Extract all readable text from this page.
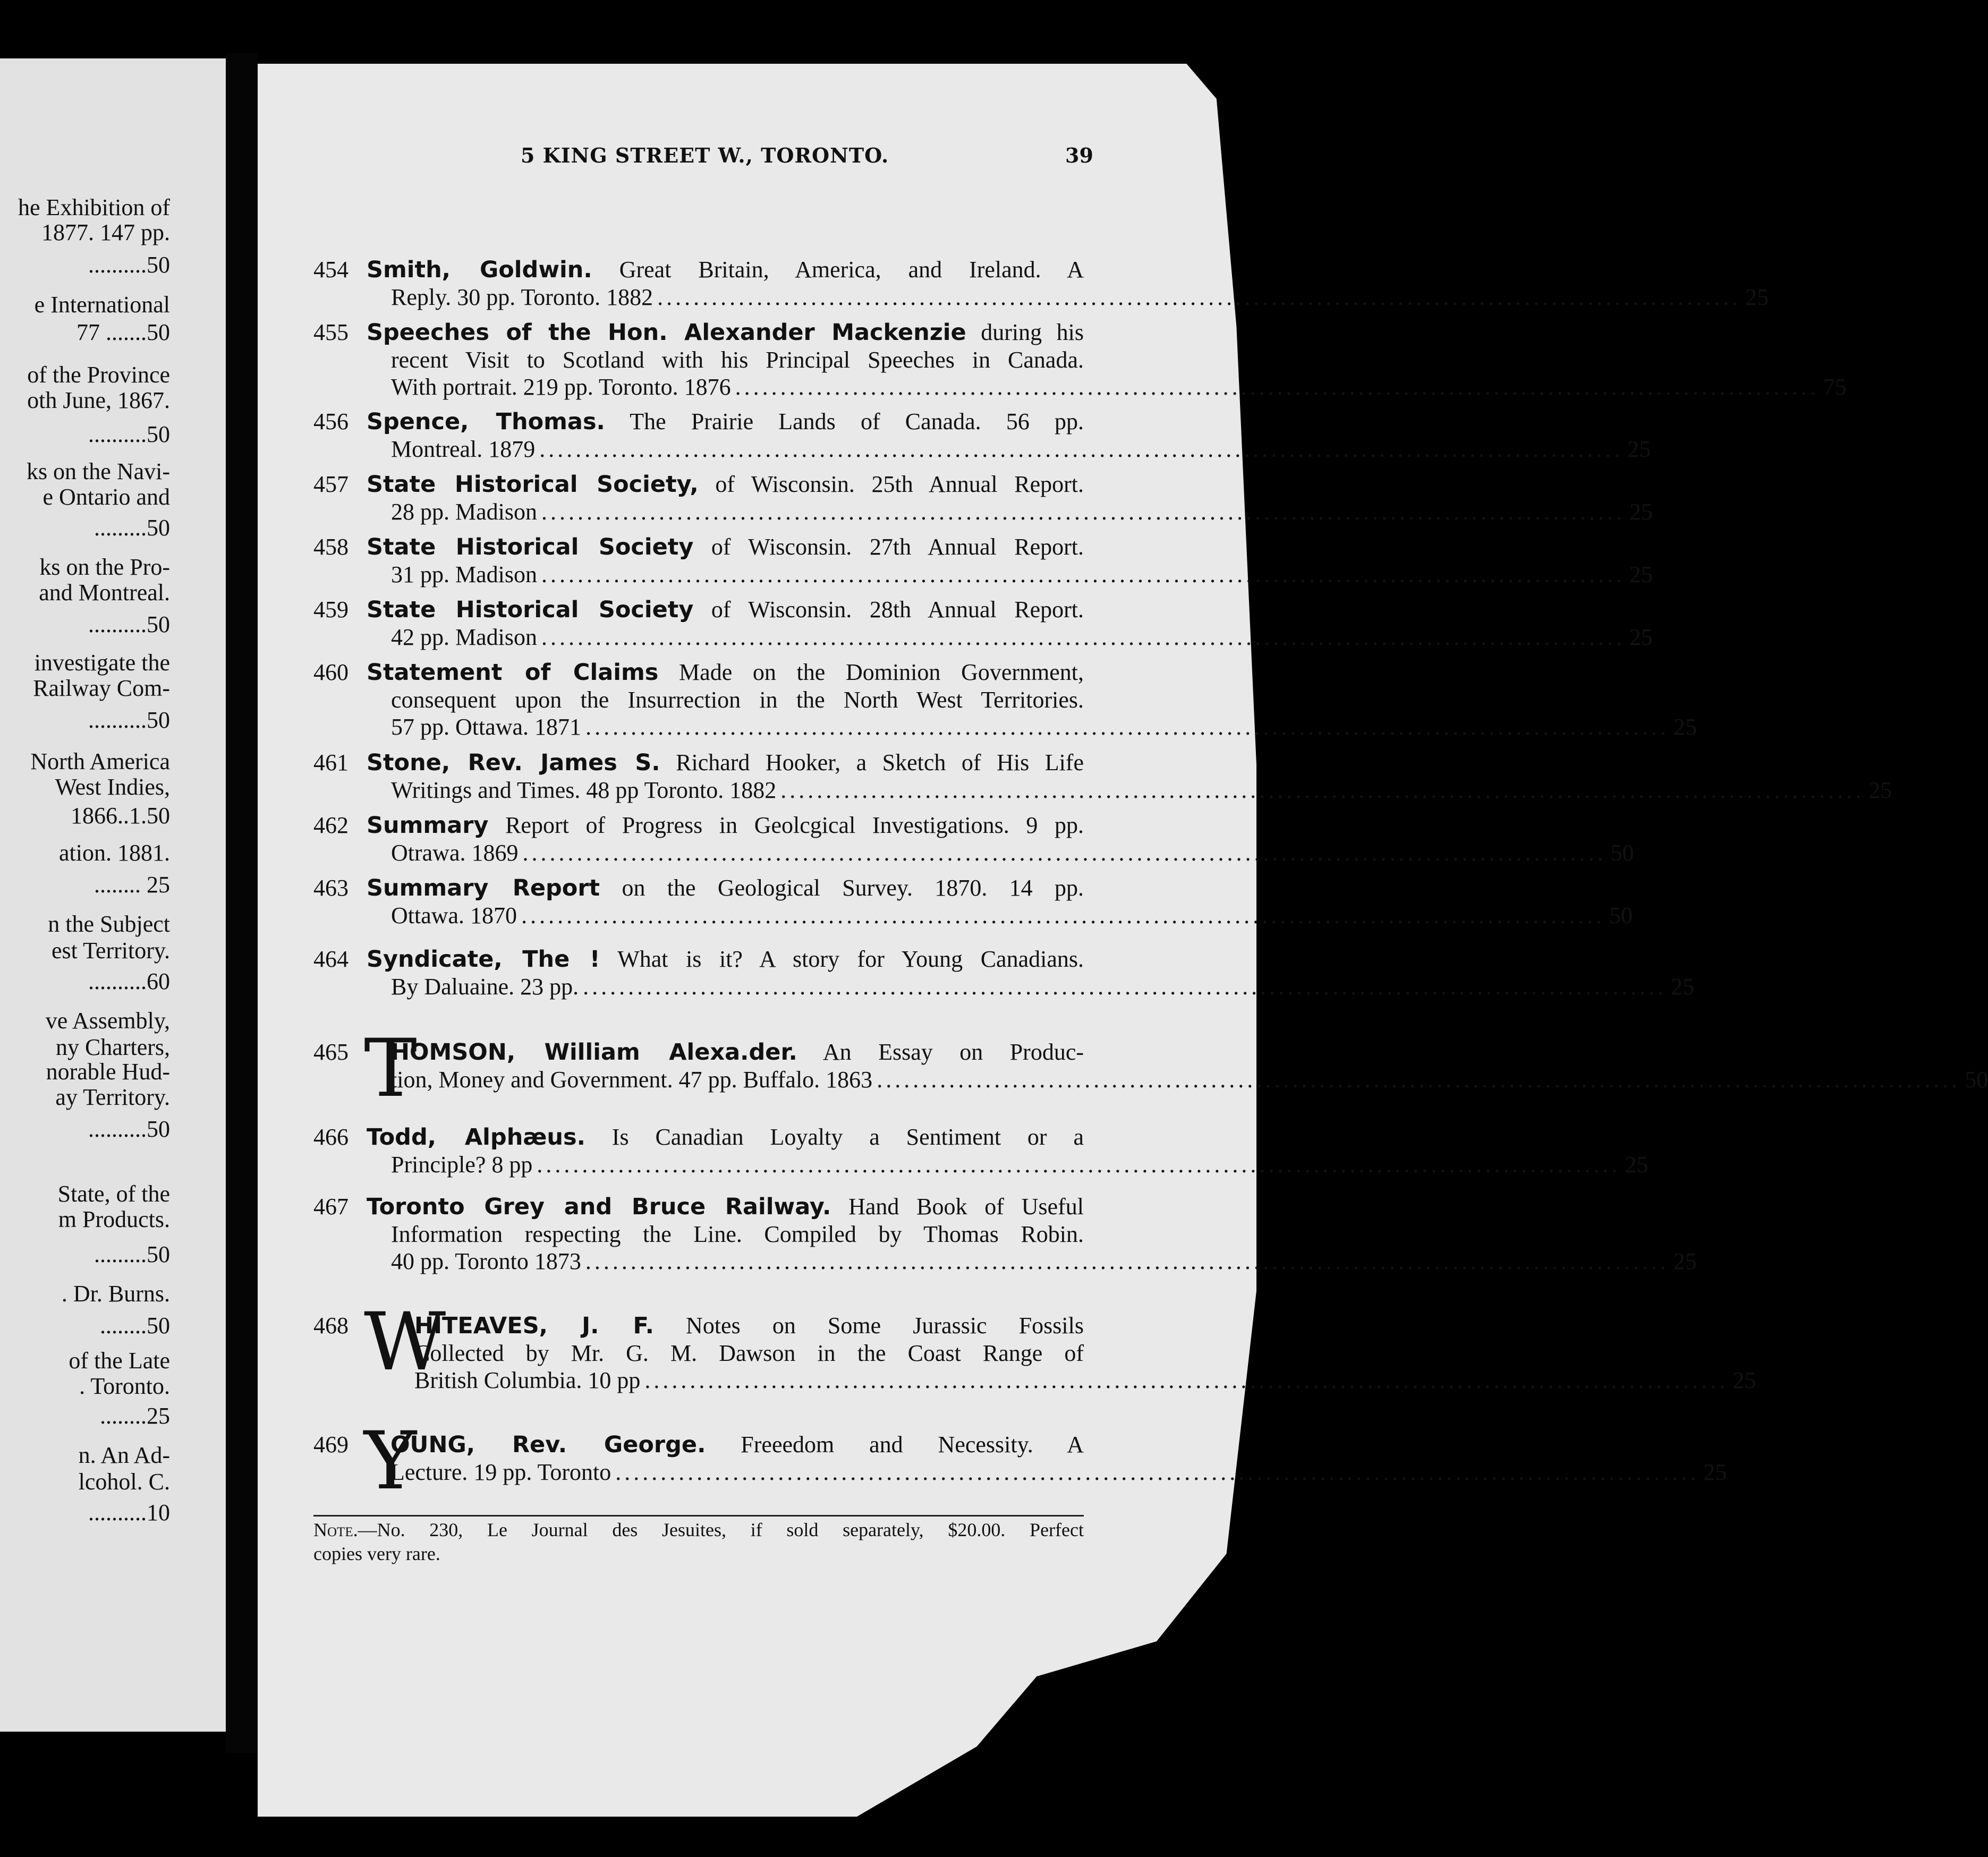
he Exhibition of
1877. 147 pp.
..........50
e International
77 .......50
of the Province
oth June, 1867.
..........50
ks on the Navi-
e Ontario and
.........50
ks on the Pro-
and Montreal.
..........50
investigate the
Railway Com-
..........50
North America
West Indies,
1866..1.50
ation. 1881.
........ 25
n the Subject
est Territory.
..........60
ve Assembly,
ny Charters,
norable Hud-
ay Territory.
..........50
State, of the
m Products.
.........50
. Dr. Burns.
........50
of the Late
. Toronto.
........25
n. An Ad-
lcohol. C.
..........10
5 KING STREET W., TORONTO.	39
454 Smith, Goldwin. Great Britain, America, and Ireland. A
Reply. 30 pp. Toronto. 1882 ........................................................................................................................ 25
455 Speeches of the Hon. Alexander Mackenzie during his
recent Visit to Scotland with his Principal Speeches in Canada.
With portrait. 219 pp. Toronto. 1876 ........................................................................................................................ 75
456 Spence, Thomas. The Prairie Lands of Canada. 56 pp.
Montreal. 1879 ........................................................................................................................ 25
457 State Historical Society, of Wisconsin. 25th Annual Report.
28 pp. Madison ........................................................................................................................ 25
458 State Historical Society of Wisconsin. 27th Annual Report.
31 pp. Madison ........................................................................................................................ 25
459 State Historical Society of Wisconsin. 28th Annual Report.
42 pp. Madison ........................................................................................................................ 25
460 Statement of Claims Made on the Dominion Government,
consequent upon the Insurrection in the North West Territories.
57 pp. Ottawa. 1871 ........................................................................................................................ 25
461 Stone, Rev. James S. Richard Hooker, a Sketch of His Life
Writings and Times. 48 pp Toronto. 1882 ........................................................................................................................ 25
462 Summary Report of Progress in Geolcgical Investigations. 9 pp.
Otrawa. 1869 ........................................................................................................................ 50
463 Summary Report on the Geological Survey. 1870. 14 pp.
Ottawa. 1870 ........................................................................................................................ 50
464 Syndicate, The ! What is it? A story for Young Canadians.
By Daluaine. 23 pp. ........................................................................................................................ 25
465 T
HOMSON, William Alexa.der. An Essay on Produc-
tion, Money and Government. 47 pp. Buffalo. 1863 ........................................................................................................................ 50
466 Todd, Alphæus. Is Canadian Loyalty a Sentiment or a
Principle? 8 pp ........................................................................................................................ 25
467 Toronto Grey and Bruce Railway. Hand Book of Useful
Information respecting the Line. Compiled by Thomas Robin.
40 pp. Toronto 1873 ........................................................................................................................ 25
468 W
HITEAVES, J. F. Notes on Some Jurassic Fossils
Collected by Mr. G. M. Dawson in the Coast Range of
British Columbia. 10 pp ........................................................................................................................ 25
469 Y
OUNG, Rev. George. Freeedom and Necessity. A
Lecture. 19 pp. Toronto ........................................................................................................................ 25
Note.—No. 230, Le Journal des Jesuites, if sold separately, $20.00. Perfect
copies very rare.
